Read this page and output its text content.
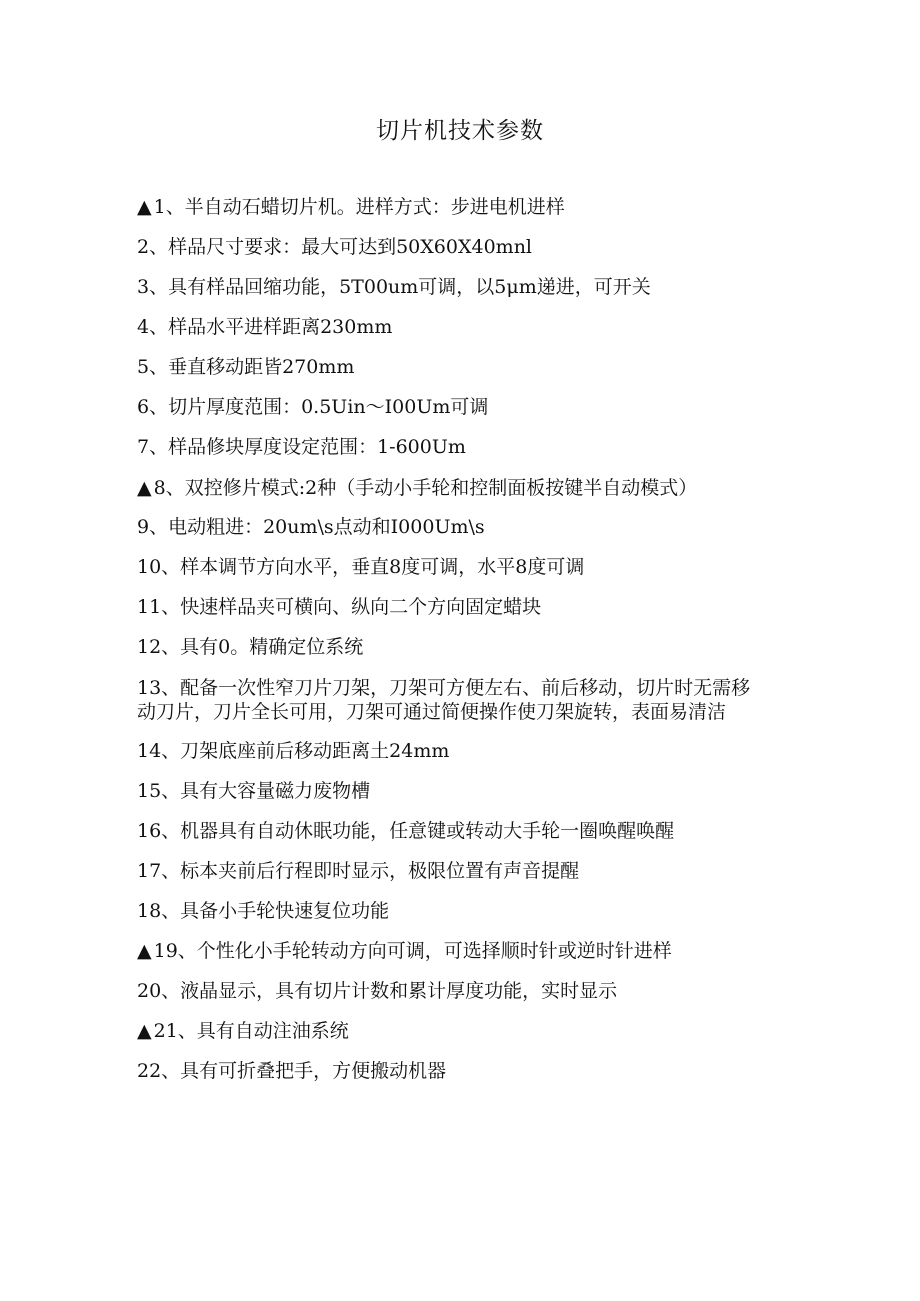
切片机技术参数

▲ 1、半自动石蜡切片机。进样方式：步进电机进样

2、样品尺寸要求：最大可达到50X60X40mnl

3、具有样品回缩功能，5T00um可调，以5μm递进，可开关

4、样品水平进样距离230mm

5、垂直移动距皆270mm

6、切片厚度范围：0.5Uin～I00Um可调

7、样品修块厚度设定范围：1-600Um

▲ 8、双控修片模式:2种（手动小手轮和控制面板按键半自动模式）

9、电动粗进：20um\s点动和I000Um\s

10、样本调节方向水平，垂直8度可调，水平8度可调

11、快速样品夹可横向、纵向二个方向固定蜡块

12、具有0。精确定位系统

13、配备一次性窄刀片刀架，刀架可方便左右、前后移动，切片时无需移动刀片，刀片全长可用，刀架可通过简便操作使刀架旋转，表面易清洁

14、刀架底座前后移动距离土24mm

15、具有大容量磁力废物槽

16、机器具有自动休眠功能，任意键或转动大手轮一圈唤醒唤醒

17、标本夹前后行程即时显示，极限位置有声音提醒

18、具备小手轮快速复位功能

▲ 19、个性化小手轮转动方向可调，可选择顺时针或逆时针进样

20、液晶显示，具有切片计数和累计厚度功能，实时显示

▲ 21、具有自动注油系统

22、具有可折叠把手，方便搬动机器
